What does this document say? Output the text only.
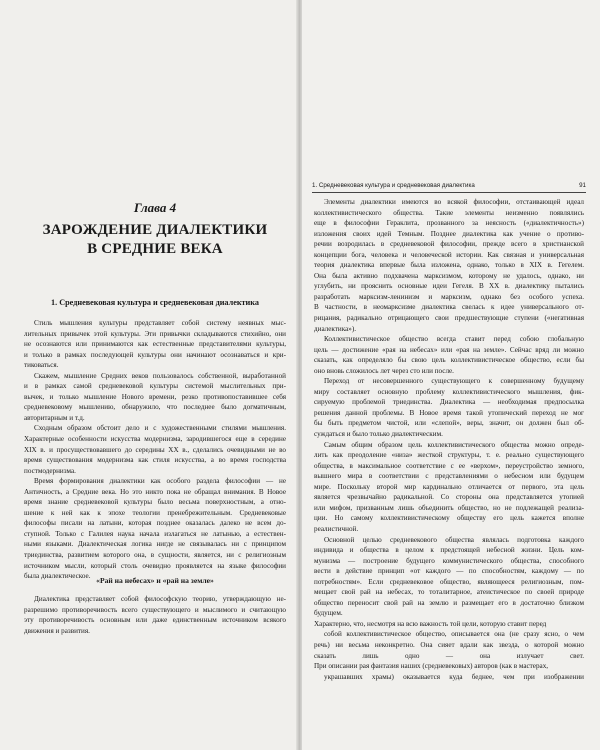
Глава 4
ЗАРОЖДЕНИЕ ДИАЛЕКТИКИ
В СРЕДНИЕ ВЕКА
1. Средневековая культура и средневековая диалектика
Стиль мышления культуры представляет собой систему неявных мыс-
лительных привычек этой культуры. Эти привычки складываются стихийно, они
не осознаются или принимаются как естественные представителями культуры,
и только в рамках последующей культуры они начинают осознаваться и кри-
тиковаться.
Скажем, мышление Средних веков пользовалось собственной, выработанной
и в рамках самой средневековой культуры системой мыслительных при-
вычек, и только мышление Нового времени, резко противопоставившее себя
средневековому мышлению, обнаружило, что последнее было догматичным,
авторитарным и т.д.
Сходным образом обстоит дело и с художественными стилями мышления.
Характерные особенности искусства модернизма, зародившегося еще в середине
XIX в. и просуществовавшего до середины XX в., сделались очевидными не во
время существования модернизма как стиля искусства, а во время господства
постмодернизма.
Время формирования диалектики как особого раздела философии — не
Античность, а Средние века. Но это никто пока не обращал внимания. В Новое
время знание средневековой культуры было весьма поверхностным, а отно-
шение к ней как к эпохе теологии пренебрежительным. Средневековые
философы писали на латыни, которая позднее оказалась далеко не всем до-
ступной. Только с Галилея наука начала излагаться не латынью, а естествен-
ными языками. Диалектическая логика нигде не связывалась ни с принципом
триединства, развитием которого она, в сущности, является, ни с религиозным
источником мысли, который столь очевидно проявляется на языке философии
была диалектическое. «Рай на небесах» и «рай на земле»
Диалектика представляет собой философскую теорию, утверждающую не-
разрешимо противоречивость всего существующего и мыслимого и считающую
эту противоречивость основным или даже единственным источником всякого
движения и развития.
1. Средневековая культура и средневековая диалектика	91
Элементы диалектики имеются во всякой философии, отстаивающей идеал
коллективистического общества. Такие элементы неизменно появлялись
еще в философии Гераклита, прозванного за неясность («диалектичность»)
изложения своих идей Темным. Позднее диалектика как учение о противо-
речии возродилась в средневековой философии, прежде всего в христианской
концепции бога, человека и человеческой истории. Как связная и универсальная
теория диалектика впервые была изложена, однако, только в XIX в. Гегелем.
Она была активно подхвачена марксизмом, которому не удалось, однако, ни
углубить, ни прояснить основные идеи Гегеля. В XX в. диалектику пытались
разработать марксизм-ленинизм и марксизм, однако без особого успеха.
В частности, в неомарксизме диалектика свелась к идее универсального от-
рицания, радикально отрицающего свои предшествующие ступени («негативная
диалектика»).
Коллективистическое общество всегда ставит перед собою глобальную
цель — достижение «рая на небесах» или «рая на земле». Сейчас вряд ли можно
сказать, как определяло бы свою цель коллективистическое общество, если бы
оно вновь сложилось лет через сто или после.
Переход от несовершенного существующего к совершенному будущему
миру составляет основную проблему коллективистического мышления, фик-
сируемую проблемой триединства. Диалектика — необходимая предпосылка
решения данной проблемы. В Новое время такой утопический переход не мог
бы быть предметом чистой, или «слепой», веры, значит, он должен был об-
суждаться и было только диалектическим.
Самым общим образом цель коллективистического общества можно опреде-
лить как преодоление «низа» жесткой структуры, т. е. реально существующего
общества, в максимальное соответствие с ее «верхом», переустройство земного,
вышнего мира в соответствии с представлениями о небесном или будущем
мире. Поскольку второй мир кардинально отличается от первого, эта цель
является чрезвычайно радикальной. Со стороны она представляется утопией
или мифом, призванным лишь объединить общество, но не подлежащей реализа-
ции. Но самому коллективистическому обществу его цель кажется вполне
реалистичной.
Основной целью средневекового общества являлась подготовка каждого
индивида и общества в целом к предстоящей небесной жизни. Цель ком-
мунизма — построение будущего коммунистического общества, способного
вести в действие принцип «от каждого — по способностям, каждому — по
потребностям». Если средневековое общество, являющееся религиозным, пом-
мещает свой рай на небесах, то тоталитарное, атеистическое по своей природе
общество переносит свой рай на землю и размещает его в достаточно близком
будущем.
Характерно, что, несмотря на всю важность той цели, которую ставит перед
собой коллективистическое общество, описывается она (не сразу ясно, о чем
речь) ни весьма неконкретно. Она сияет вдали как звезда, о которой можно
сказать лишь одно — она излучает свет.
При описании рая фантазия наших (средневековых) авторов (как в мастерах,
украшавших храмы) оказывается куда беднее, чем при изображении
